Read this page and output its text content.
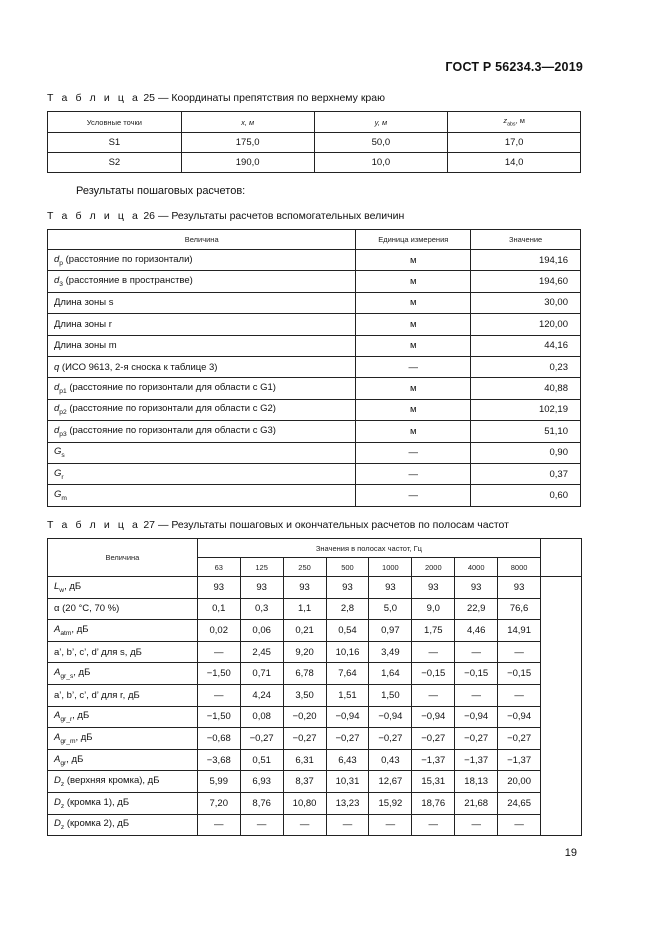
ГОСТ Р 56234.3—2019
Т а б л и ц а 25 — Координаты препятствия по верхнему краю
Условные точки	x, м	y, м	$z_{abs}$, м
S1	175,0	50,0	17,0
S2	190,0	10,0	14,0
Результаты пошаговых расчетов:
Т а б л и ц а 26 — Результаты расчетов вспомогательных величин
Величина	Единица измерения	Значение
$d_p$ (расстояние по горизонтали)	м	194,16
$d_3$ (расстояние в пространстве)	м	194,60
Длина зоны s	м	30,00
Длина зоны r	м	120,00
Длина зоны m	м	44,16
q (ИСО 9613, 2-я сноска к таблице 3)	—	0,23
$d_{p1}$ (расстояние по горизонтали для области с G1)	м	40,88
$d_{p2}$ (расстояние по горизонтали для области с G2)	м	102,19
$d_{p3}$ (расстояние по горизонтали для области с G3)	м	51,10
$G_s$	—	0,90
$G_r$	—	0,37
$G_m$	—	0,60
Т а б л и ц а 27 — Результаты пошаговых и окончательных расчетов по полосам частот
Величина	Значения в полосах частот, Гц								
	63	125	250	500	1000	2000	4000	8000	
$L_w$, дБ	93	93	93	93	93	93	93	93	
α (20 °C, 70 %)	0,1	0,3	1,1	2,8	5,0	9,0	22,9	76,6	
$A_{atm}$, дБ	0,02	0,06	0,21	0,54	0,97	1,75	4,46	14,91	
a’, b’, c’, d’ для s, дБ	—	2,45	9,20	10,16	3,49	—	—	—	
$A_{gr\_s}$, дБ	−1,50	0,71	6,78	7,64	1,64	−0,15	−0,15	−0,15	
a’, b’, c’, d’ для r, дБ	—	4,24	3,50	1,51	1,50	—	—	—	
$A_{gr\_r}$, дБ	−1,50	0,08	−0,20	−0,94	−0,94	−0,94	−0,94	−0,94	
$A_{gr\_m}$, дБ	−0,68	−0,27	−0,27	−0,27	−0,27	−0,27	−0,27	−0,27	
$A_{gr}$, дБ	−3,68	0,51	6,31	6,43	0,43	−1,37	−1,37	−1,37	
$D_z$ (верхняя кромка), дБ	5,99	6,93	8,37	10,31	12,67	15,31	18,13	20,00	
$D_z$ (кромка 1), дБ	7,20	8,76	10,80	13,23	15,92	18,76	21,68	24,65	
$D_z$ (кромка 2), дБ	—	—	—	—	—	—	—	—	
19
